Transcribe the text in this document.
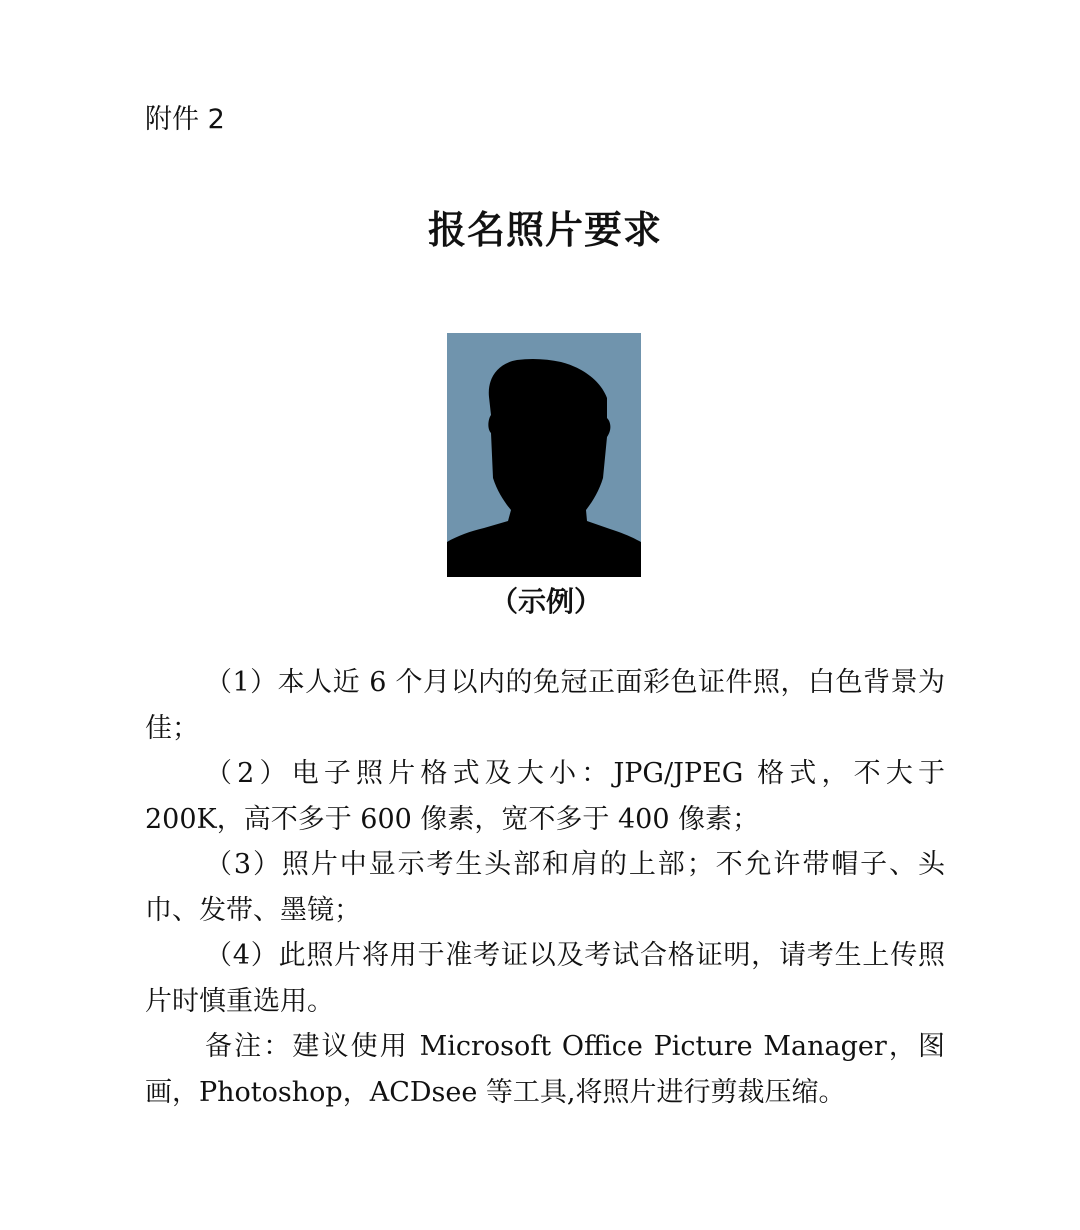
附件 2

报名照片要求

（示例）

（1）本人近 6 个月以内的免冠正面彩色证件照，白色背景为佳；

（2）电子照片格式及大小：JPG/JPEG 格式，不大于 200K，高不多于 600 像素，宽不多于 400 像素；

（3）照片中显示考生头部和肩的上部；不允许带帽子、头巾、发带、墨镜；

（4）此照片将用于准考证以及考试合格证明，请考生上传照片时慎重选用。

备注：建议使用 Microsoft Office Picture Manager，图画，Photoshop，ACDsee 等工具,将照片进行剪裁压缩。
